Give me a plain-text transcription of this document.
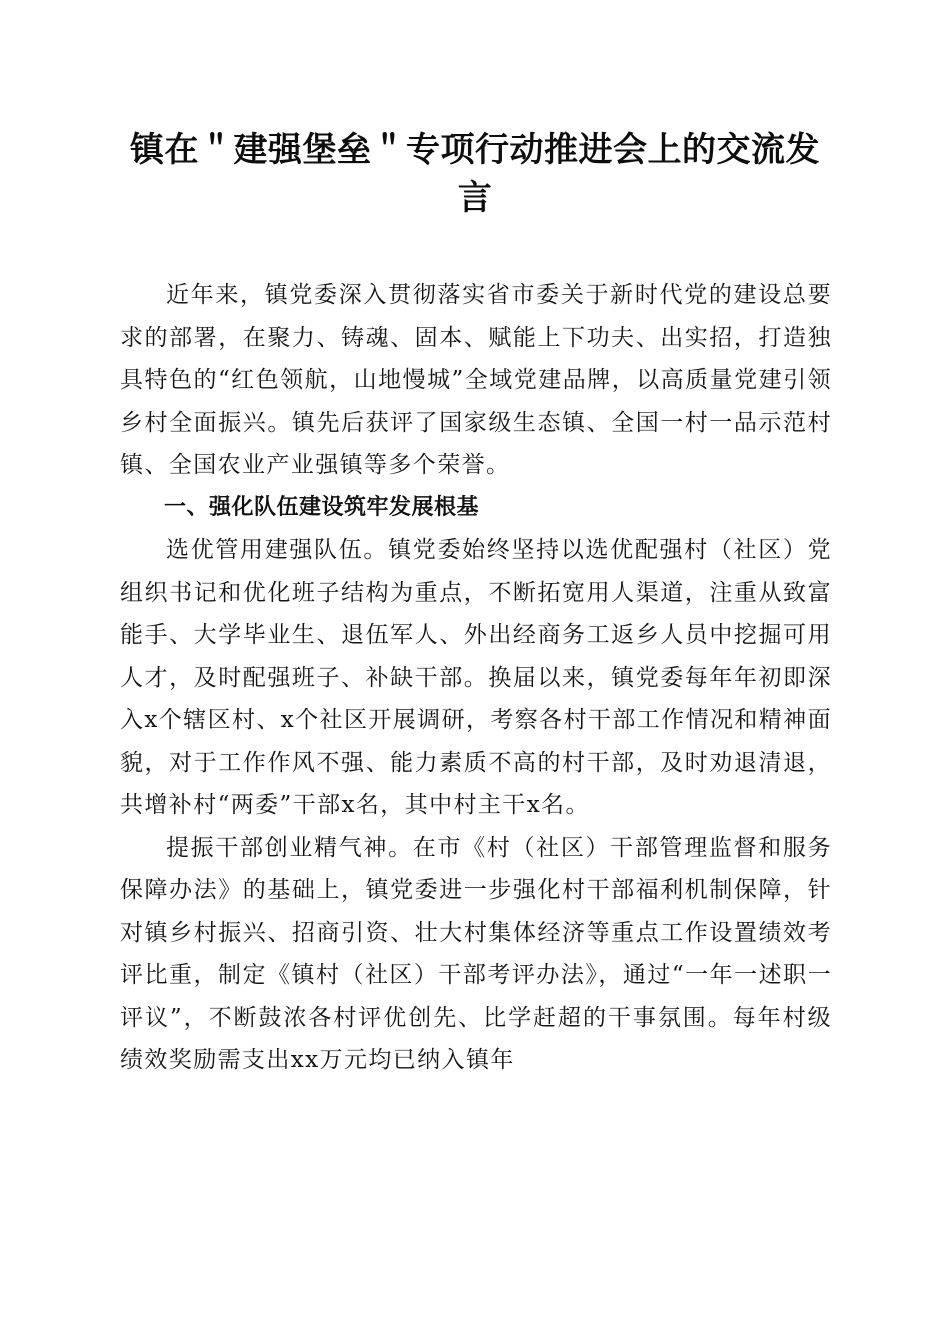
镇在＂建强堡垒＂专项行动推进会上的交流发言

近年来，镇党委深入贯彻落实省市委关于新时代党的建设总要求的部署，在聚力、铸魂、固本、赋能上下功夫、出实招，打造独具特色的“红色领航，山地慢城”全域党建品牌，以高质量党建引领乡村全面振兴。镇先后获评了国家级生态镇、全国一村一品示范村镇、全国农业产业强镇等多个荣誉。

一、强化队伍建设筑牢发展根基

选优管用建强队伍。镇党委始终坚持以选优配强村（社区）党组织书记和优化班子结构为重点，不断拓宽用人渠道，注重从致富能手、大学毕业生、退伍军人、外出经商务工返乡人员中挖掘可用人才，及时配强班子、补缺干部。换届以来，镇党委每年年初即深入x个辖区村、x个社区开展调研，考察各村干部工作情况和精神面貌，对于工作作风不强、能力素质不高的村干部，及时劝退清退，共增补村“两委”干部x名，其中村主干x名。

提振干部创业精气神。在市《村（社区）干部管理监督和服务保障办法》的基础上，镇党委进一步强化村干部福利机制保障，针对镇乡村振兴、招商引资、壮大村集体经济等重点工作设置绩效考评比重，制定《镇村（社区）干部考评办法》，通过“一年一述职一评议”，不断鼓浓各村评优创先、比学赶超的干事氛围。每年村级绩效奖励需支出xx万元均已纳入镇年
